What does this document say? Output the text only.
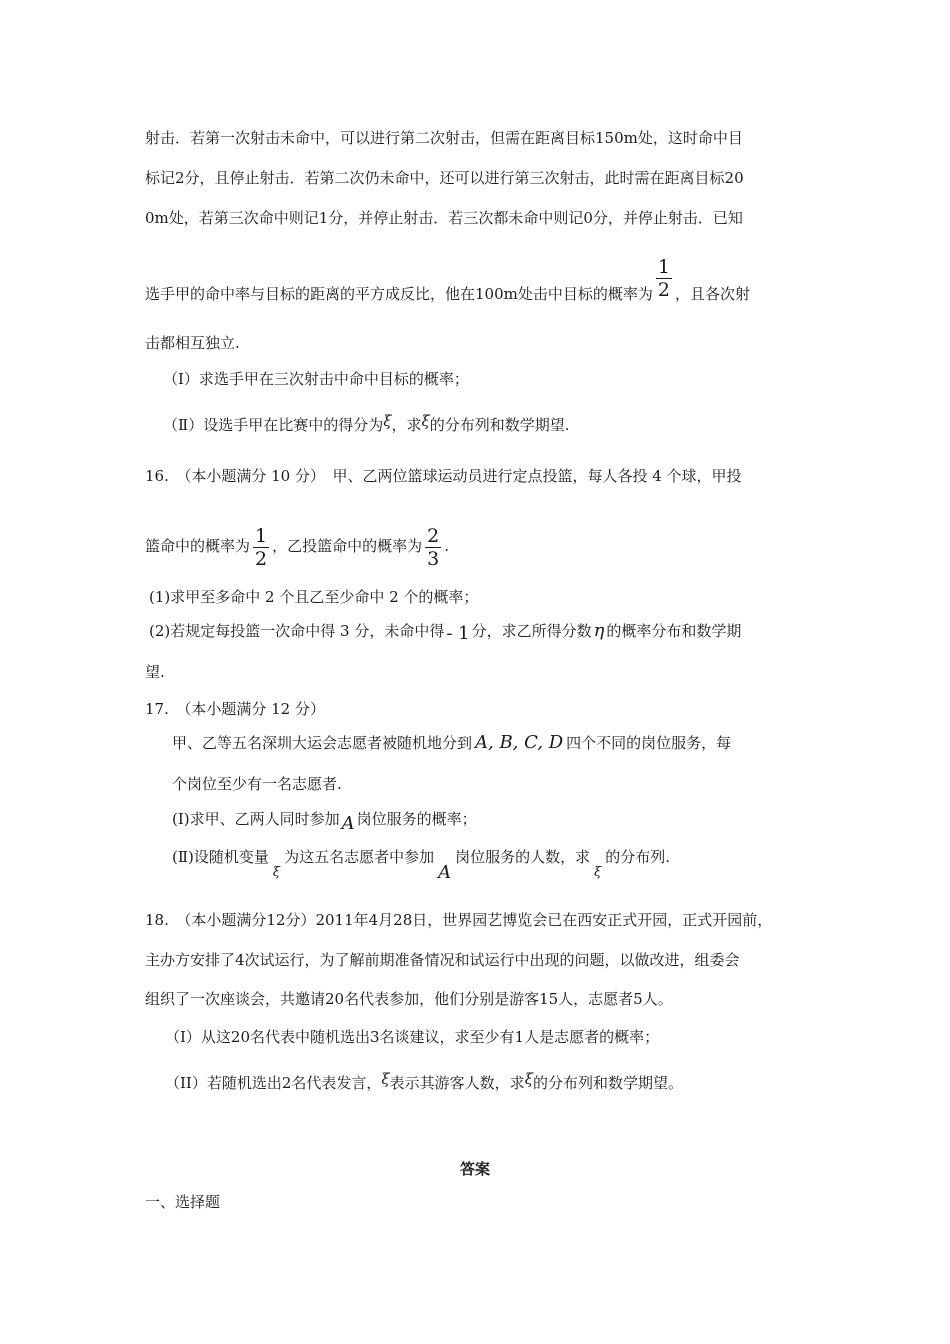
射击．若第一次射击未命中，可以进行第二次射击，但需在距离目标150m处，这时命中目
标记2分，且停止射击．若第二次仍未命中，还可以进行第三次射击，此时需在距离目标20
0m处，若第三次命中则记1分，并停止射击．若三次都未命中则记0分，并停止射击．已知
选手甲的命中率与目标的距离的平方成反比，他在100m处击中目标的概率为 $\frac{1}{2}$ ，且各次射
击都相互独立.
（Ⅰ）求选手甲在三次射击中命中目标的概率；
（Ⅱ）设选手甲在比赛中的得分为ξ，求ξ的分布列和数学期望.
16.　（本小题满分 10 分）　甲、乙两位篮球运动员进行定点投篮，每人各投 4 个球，甲投
篮命中的概率为 $\frac{1}{2}$ ，乙投篮命中的概率为 $\frac{2}{3}$ .
(1)求甲至多命中 2 个且乙至少命中 2 个的概率；
(2)若规定每投篮一次命中得 3 分，未命中得 - 1 分，求乙所得分数 η 的概率分布和数学期
望.
17.　（本小题满分 12 分）
甲、乙等五名深圳大运会志愿者被随机地分到 A, B, C, D 四个不同的岗位服务，每
个岗位至少有一名志愿者.
(Ⅰ)求甲、乙两人同时参加 A 岗位服务的概率；
(Ⅱ)设随机变量ξ为这五名志愿者中参加A岗位服务的人数，求ξ的分布列.
18.　（本小题满分12分）2011年4月28日，世界园艺博览会已在西安正式开园，正式开园前，
主办方安排了4次试运行，为了解前期准备情况和试运行中出现的问题，以做改进，组委会
组织了一次座谈会，共邀请20名代表参加，他们分别是游客15人，志愿者5人。
（I）从这20名代表中随机选出3名谈建议，求至少有1人是志愿者的概率；
（II）若随机选出2名代表发言，ξ表示其游客人数，求ξ的分布列和数学期望。
答案
一、选择题
